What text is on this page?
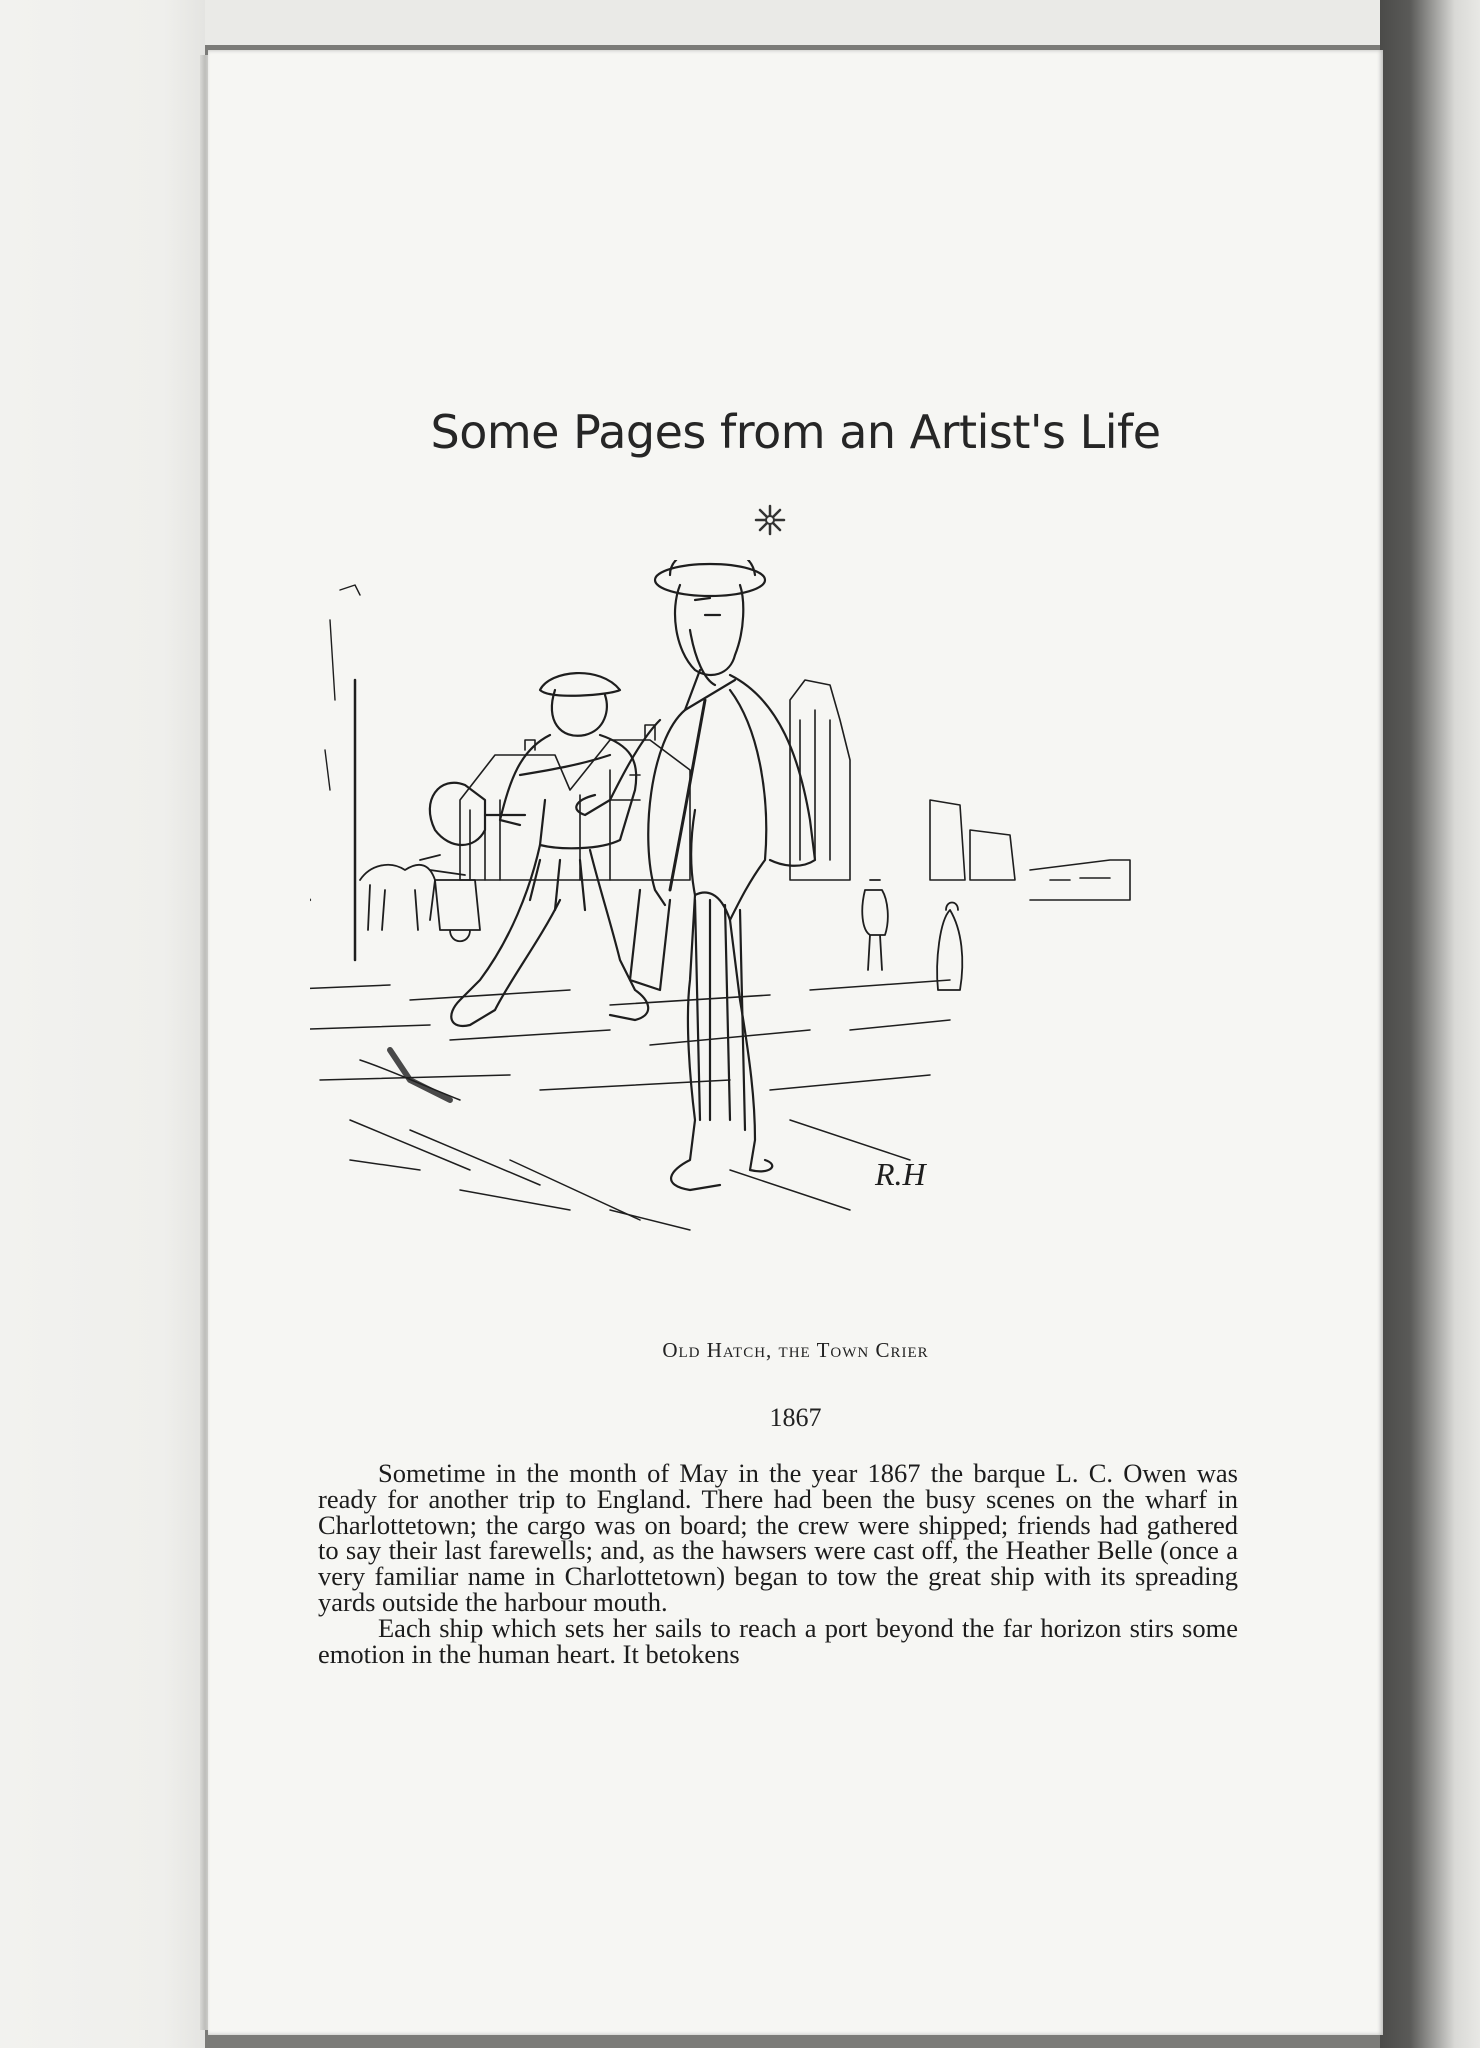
Some Pages from an Artist's Life
R.H
Old Hatch, the Town Crier
1867

Sometime in the month of May in the year 1867 the barque L. C. Owen was ready for another trip to England. There had been the busy scenes on the wharf in Charlottetown; the cargo was on board; the crew were shipped; friends had gathered to say their last farewells; and, as the hawsers were cast off, the Heather Belle (once a very familiar name in Charlottetown) began to tow the great ship with its spreading yards outside the harbour mouth.

Each ship which sets her sails to reach a port beyond the far horizon stirs some emotion in the human heart. It betokens
